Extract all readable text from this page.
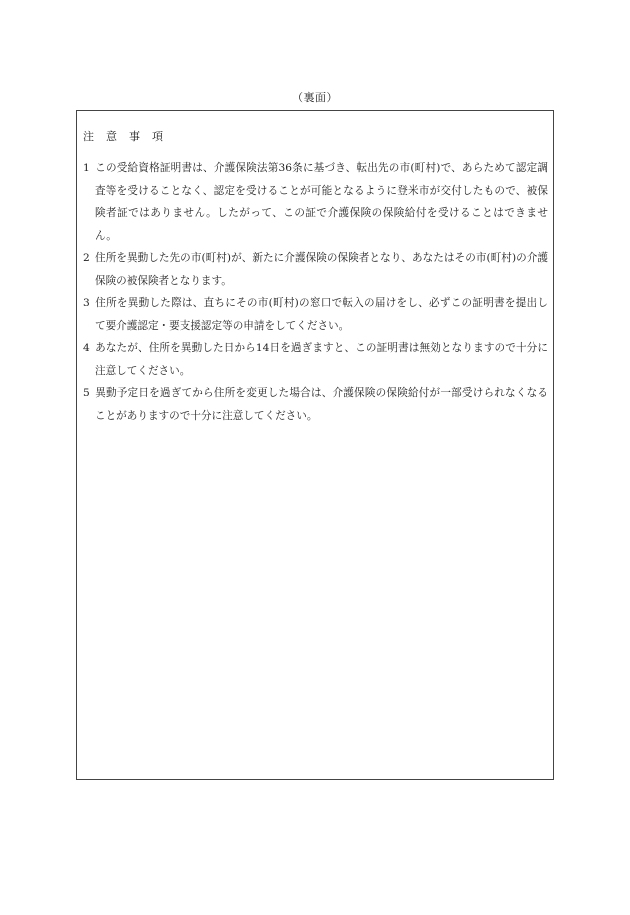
（裏面）
注　意　事　項
1 この受給資格証明書は、介護保険法第36条に基づき、転出先の市(町村)で、あらためて認定調査等を受けることなく、認定を受けることが可能となるように登米市が交付したもので、被保険者証ではありません。したがって、この証で介護保険の保険給付を受けることはできません。
2 住所を異動した先の市(町村)が、新たに介護保険の保険者となり、あなたはその市(町村)の介護保険の被保険者となります。
3 住所を異動した際は、直ちにその市(町村)の窓口で転入の届けをし、必ずこの証明書を提出して要介護認定・要支援認定等の申請をしてください。
4 あなたが、住所を異動した日から14日を過ぎますと、この証明書は無効となりますので十分に注意してください。
5 異動予定日を過ぎてから住所を変更した場合は、介護保険の保険給付が一部受けられなくなることがありますので十分に注意してください。
